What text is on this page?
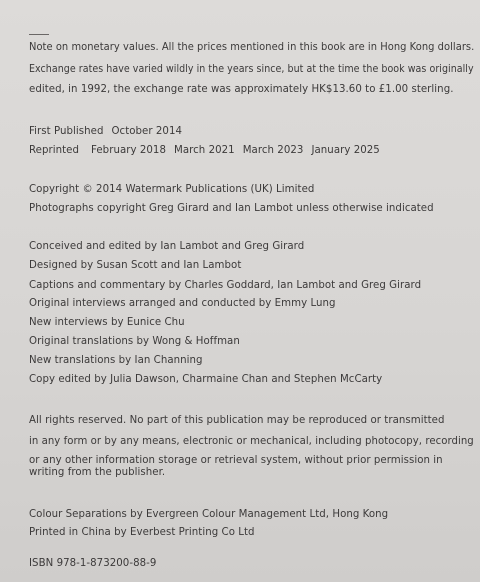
Note on monetary values. All the prices mentioned in this book are in Hong Kong dollars.
Exchange rates have varied wildly in the years since, but at the time the book was originally
edited, in 1992, the exchange rate was approximately HK$13.60 to £1.00 sterling.
First Published October 2014
Reprinted February 2018 March 2021 March 2023 January 2025
Copyright © 2014 Watermark Publications (UK) Limited
Photographs copyright Greg Girard and Ian Lambot unless otherwise indicated
Conceived and edited by Ian Lambot and Greg Girard
Designed by Susan Scott and Ian Lambot
Captions and commentary by Charles Goddard, Ian Lambot and Greg Girard
Original interviews arranged and conducted by Emmy Lung
New interviews by Eunice Chu
Original translations by Wong & Hoffman
New translations by Ian Channing
Copy edited by Julia Dawson, Charmaine Chan and Stephen McCarty
All rights reserved. No part of this publication may be reproduced or transmitted
in any form or by any means, electronic or mechanical, including photocopy, recording
or any other information storage or retrieval system, without prior permission in
writing from the publisher.
Colour Separations by Evergreen Colour Management Ltd, Hong Kong
Printed in China by Everbest Printing Co Ltd
ISBN 978-1-873200-88-9
